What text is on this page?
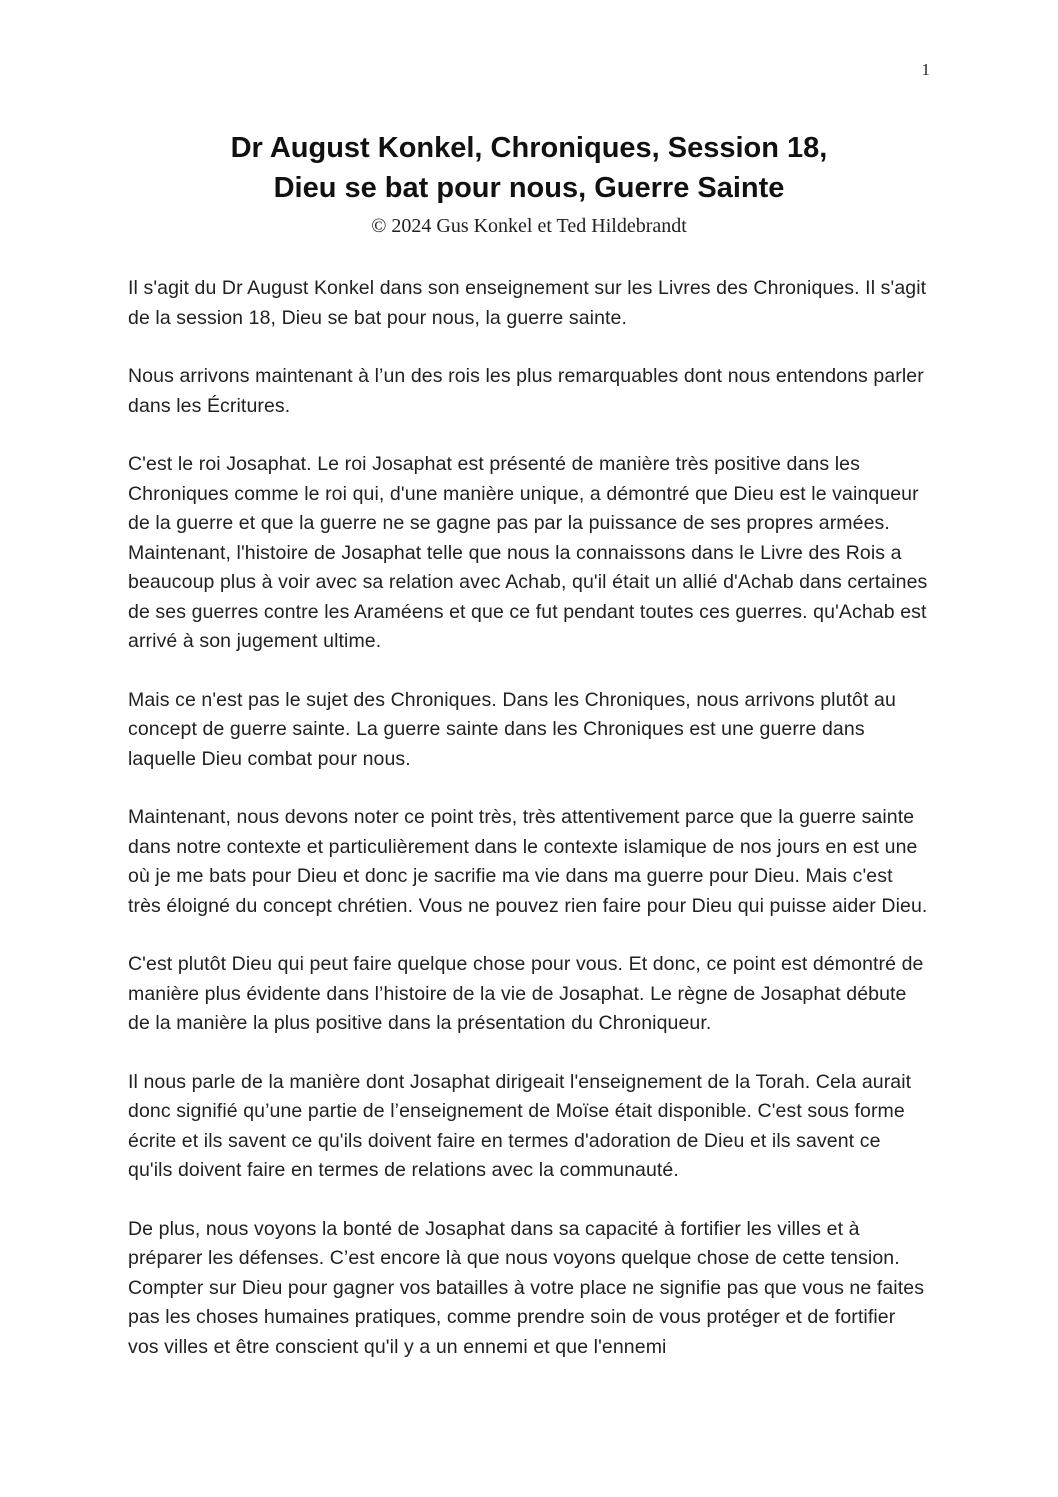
1
Dr August Konkel, Chroniques, Session 18,
Dieu se bat pour nous, Guerre Sainte
© 2024 Gus Konkel et Ted Hildebrandt

Il s'agit du Dr August Konkel dans son enseignement sur les Livres des Chroniques. Il s'agit de la session 18, Dieu se bat pour nous, la guerre sainte.

Nous arrivons maintenant à l’un des rois les plus remarquables dont nous entendons parler dans les Écritures.

C'est le roi Josaphat. Le roi Josaphat est présenté de manière très positive dans les Chroniques comme le roi qui, d'une manière unique, a démontré que Dieu est le vainqueur de la guerre et que la guerre ne se gagne pas par la puissance de ses propres armées. Maintenant, l'histoire de Josaphat telle que nous la connaissons dans le Livre des Rois a beaucoup plus à voir avec sa relation avec Achab, qu'il était un allié d'Achab dans certaines de ses guerres contre les Araméens et que ce fut pendant toutes ces guerres. qu'Achab est arrivé à son jugement ultime.

Mais ce n'est pas le sujet des Chroniques. Dans les Chroniques, nous arrivons plutôt au concept de guerre sainte. La guerre sainte dans les Chroniques est une guerre dans laquelle Dieu combat pour nous.

Maintenant, nous devons noter ce point très, très attentivement parce que la guerre sainte dans notre contexte et particulièrement dans le contexte islamique de nos jours en est une où je me bats pour Dieu et donc je sacrifie ma vie dans ma guerre pour Dieu. Mais c'est très éloigné du concept chrétien. Vous ne pouvez rien faire pour Dieu qui puisse aider Dieu.

C'est plutôt Dieu qui peut faire quelque chose pour vous. Et donc, ce point est démontré de manière plus évidente dans l’histoire de la vie de Josaphat. Le règne de Josaphat débute de la manière la plus positive dans la présentation du Chroniqueur.

Il nous parle de la manière dont Josaphat dirigeait l'enseignement de la Torah. Cela aurait donc signifié qu’une partie de l’enseignement de Moïse était disponible. C'est sous forme écrite et ils savent ce qu'ils doivent faire en termes d'adoration de Dieu et ils savent ce qu'ils doivent faire en termes de relations avec la communauté.

De plus, nous voyons la bonté de Josaphat dans sa capacité à fortifier les villes et à préparer les défenses. C’est encore là que nous voyons quelque chose de cette tension. Compter sur Dieu pour gagner vos batailles à votre place ne signifie pas que vous ne faites pas les choses humaines pratiques, comme prendre soin de vous protéger et de fortifier vos villes et être conscient qu'il y a un ennemi et que l'ennemi
